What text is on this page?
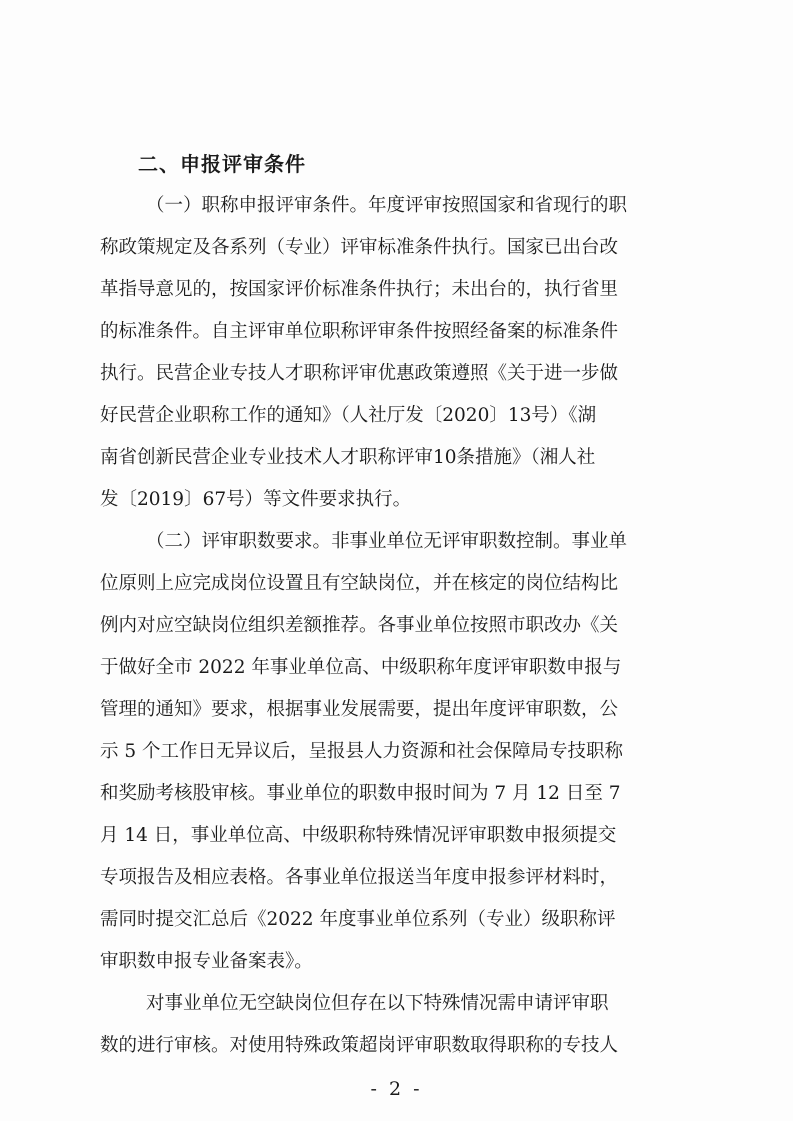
二、申报评审条件

（一）职称申报评审条件。年度评审按照国家和省现行的职

称政策规定及各系列（专业）评审标准条件执行。国家已出台改

革指导意见的，按国家评价标准条件执行；未出台的，执行省里

的标准条件。自主评审单位职称评审条件按照经备案的标准条件

执行。民营企业专技人才职称评审优惠政策遵照《关于进一步做

好民营企业职称工作的通知》（人社厅发〔2020〕13号）《湖

南省创新民营企业专业技术人才职称评审10条措施》（湘人社

发〔2019〕67号）等文件要求执行。

（二）评审职数要求。非事业单位无评审职数控制。事业单

位原则上应完成岗位设置且有空缺岗位，并在核定的岗位结构比

例内对应空缺岗位组织差额推荐。各事业单位按照市职改办《关

于做好全市 2022 年事业单位高、中级职称年度评审职数申报与

管理的通知》要求，根据事业发展需要，提出年度评审职数，公

示 5 个工作日无异议后，呈报县人力资源和社会保障局专技职称

和奖励考核股审核。事业单位的职数申报时间为 7 月 12 日至 7

月 14 日，事业单位高、中级职称特殊情况评审职数申报须提交

专项报告及相应表格。各事业单位报送当年度申报参评材料时，

需同时提交汇总后《2022 年度事业单位系列（专业）级职称评

审职数申报专业备案表》。

对事业单位无空缺岗位但存在以下特殊情况需申请评审职

数的进行审核。对使用特殊政策超岗评审职数取得职称的专技人

- 2 -
